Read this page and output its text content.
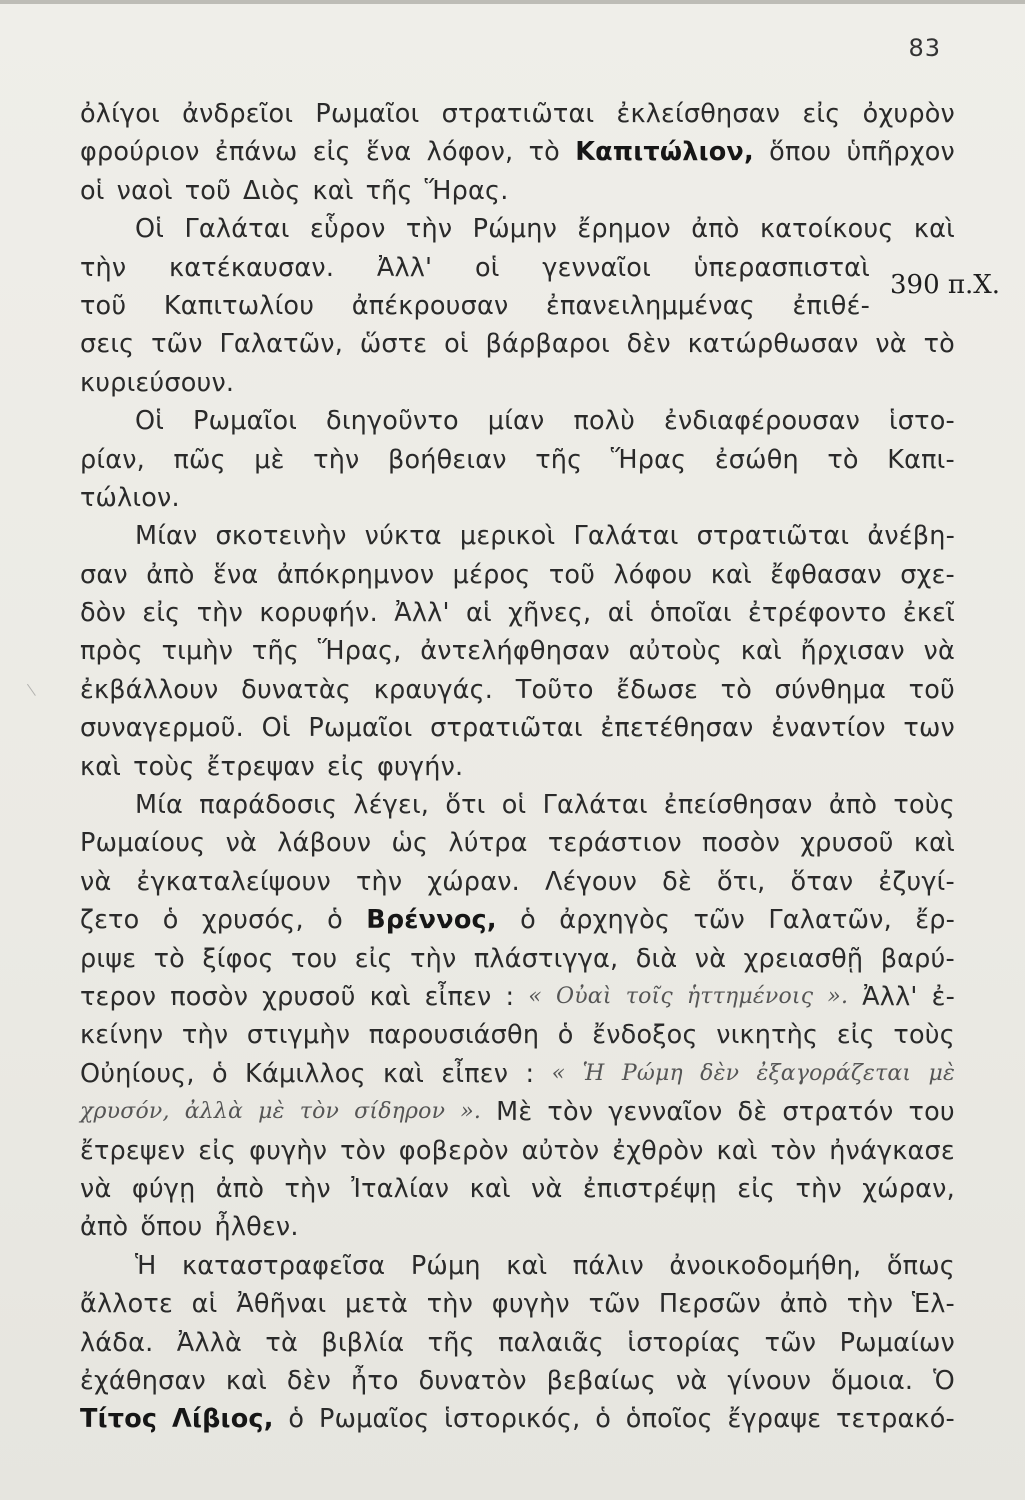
83
390 π.Χ.
ὀλίγοι ἀνδρεῖοι Ρωμαῖοι στρατιῶται ἐκλείσθησαν εἰς ὀχυρὸν
φρούριον ἐπάνω εἰς ἕνα λόφον, τὸ Καπιτώλιον, ὅπου ὑπῆρχον
οἱ ναοὶ τοῦ Διὸς καὶ τῆς Ἥρας.
Οἱ Γαλάται εὗρον τὴν Ρώμην ἔρημον ἀπὸ κατοίκους καὶ
τὴν κατέκαυσαν. Ἀλλ' οἱ γενναῖοι ὑπερασπισταὶ
τοῦ Καπιτωλίου ἀπέκρουσαν ἐπανειλημμένας ἐπιθέ-
σεις τῶν Γαλατῶν, ὥστε οἱ βάρβαροι δὲν κατώρθωσαν νὰ τὸ
κυριεύσουν.
Οἱ Ρωμαῖοι διηγοῦντο μίαν πολὺ ἐνδιαφέρουσαν ἱστο-
ρίαν, πῶς μὲ τὴν βοήθειαν τῆς Ἥρας ἐσώθη τὸ Καπι-
τώλιον.
Μίαν σκοτεινὴν νύκτα μερικοὶ Γαλάται στρατιῶται ἀνέβη-
σαν ἀπὸ ἕνα ἀπόκρημνον μέρος τοῦ λόφου καὶ ἔφθασαν σχε-
δὸν εἰς τὴν κορυφήν. Ἀλλ' αἱ χῆνες, αἱ ὁποῖαι ἐτρέφοντο ἐκεῖ
πρὸς τιμὴν τῆς Ἥρας, ἀντελήφθησαν αὐτοὺς καὶ ἤρχισαν νὰ
ἐκβάλλουν δυνατὰς κραυγάς. Τοῦτο ἔδωσε τὸ σύνθημα τοῦ
συναγερμοῦ. Οἱ Ρωμαῖοι στρατιῶται ἐπετέθησαν ἐναντίον των
καὶ τοὺς ἔτρεψαν εἰς φυγήν.
Μία παράδοσις λέγει, ὅτι οἱ Γαλάται ἐπείσθησαν ἀπὸ τοὺς
Ρωμαίους νὰ λάβουν ὡς λύτρα τεράστιον ποσὸν χρυσοῦ καὶ
νὰ ἐγκαταλείψουν τὴν χώραν. Λέγουν δὲ ὅτι, ὅταν ἐζυγί-
ζετο ὁ χρυσός, ὁ Βρέννος, ὁ ἀρχηγὸς τῶν Γαλατῶν, ἔρ-
ριψε τὸ ξίφος του εἰς τὴν πλάστιγγα, διὰ νὰ χρειασθῇ βαρύ-
τερον ποσὸν χρυσοῦ καὶ εἶπεν : « Οὐαὶ τοῖς ἡττημένοις ». Ἀλλ' ἐ-
κείνην τὴν στιγμὴν παρουσιάσθη ὁ ἔνδοξος νικητὴς εἰς τοὺς
Οὐηίους, ὁ Κάμιλλος καὶ εἶπεν : « Ἡ Ρώμη δὲν ἐξαγοράζεται μὲ
χρυσόν, ἀλλὰ μὲ τὸν σίδηρον ». Μὲ τὸν γενναῖον δὲ στρατόν του
ἔτρεψεν εἰς φυγὴν τὸν φοβερὸν αὐτὸν ἐχθρὸν καὶ τὸν ἠνάγκασε
νὰ φύγῃ ἀπὸ τὴν Ἰταλίαν καὶ νὰ ἐπιστρέψῃ εἰς τὴν χώραν,
ἀπὸ ὅπου ἦλθεν.
Ἡ καταστραφεῖσα Ρώμη καὶ πάλιν ἀνοικοδομήθη, ὅπως
ἄλλοτε αἱ Ἀθῆναι μετὰ τὴν φυγὴν τῶν Περσῶν ἀπὸ τὴν Ἑλ-
λάδα. Ἀλλὰ τὰ βιβλία τῆς παλαιᾶς ἱστορίας τῶν Ρωμαίων
ἐχάθησαν καὶ δὲν ἦτο δυνατὸν βεβαίως νὰ γίνουν ὅμοια. Ὁ
Τίτος Λίβιος, ὁ Ρωμαῖος ἱστορικός, ὁ ὁποῖος ἔγραψε τετρακό-
